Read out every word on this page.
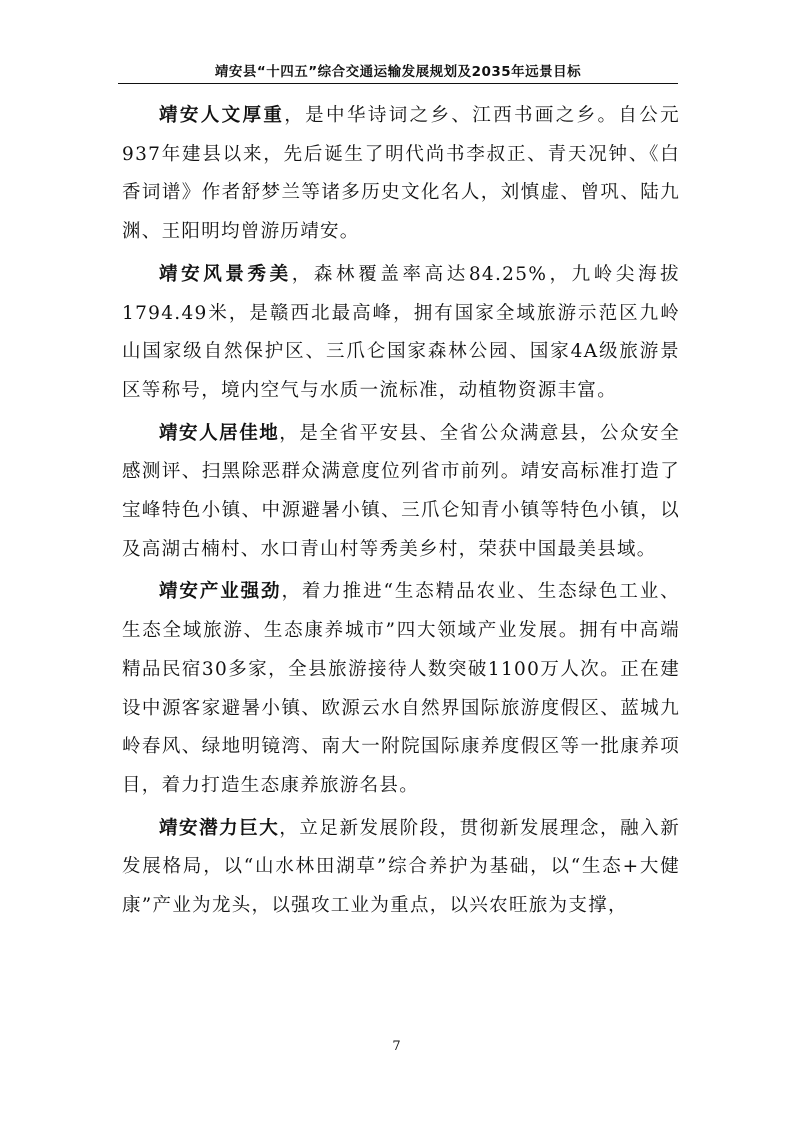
靖安县“十四五”综合交通运输发展规划及2035年远景目标

靖安人文厚重，是中华诗词之乡、江西书画之乡。自公元937年建县以来，先后诞生了明代尚书李叔正、青天况钟、《白香词谱》作者舒梦兰等诸多历史文化名人，刘慎虚、曾巩、陆九渊、王阳明均曾游历靖安。

靖安风景秀美，森林覆盖率高达84.25%，九岭尖海拔1794.49米，是赣西北最高峰，拥有国家全域旅游示范区九岭山国家级自然保护区、三爪仑国家森林公园、国家4A级旅游景区等称号，境内空气与水质一流标准，动植物资源丰富。

靖安人居佳地，是全省平安县、全省公众满意县，公众安全感测评、扫黑除恶群众满意度位列省市前列。靖安高标准打造了宝峰特色小镇、中源避暑小镇、三爪仑知青小镇等特色小镇，以及高湖古楠村、水口青山村等秀美乡村，荣获中国最美县域。

靖安产业强劲，着力推进“生态精品农业、生态绿色工业、生态全域旅游、生态康养城市”四大领域产业发展。拥有中高端精品民宿30多家，全县旅游接待人数突破1100万人次。正在建设中源客家避暑小镇、欧源云水自然界国际旅游度假区、蓝城九岭春风、绿地明镜湾、南大一附院国际康养度假区等一批康养项目，着力打造生态康养旅游名县。

靖安潜力巨大，立足新发展阶段，贯彻新发展理念，融入新发展格局，以“山水林田湖草”综合养护为基础，以“生态+大健康”产业为龙头，以强攻工业为重点，以兴农旺旅为支撑，

7
